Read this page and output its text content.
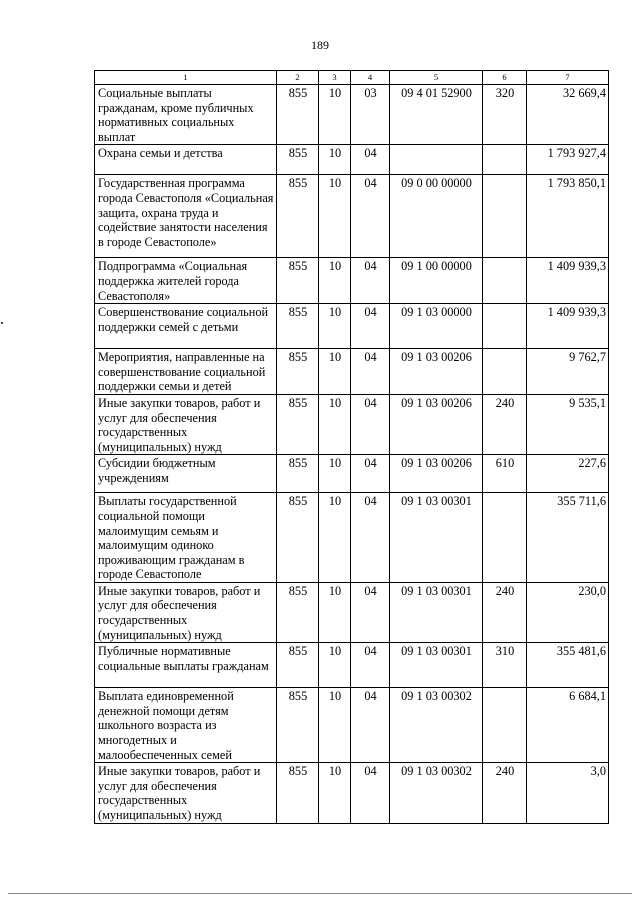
189
1	2	3	4	5	6	7
Социальные выплаты гражданам, кроме публичных нормативных социальных выплат	855	10	03	09 4 01 52900	320	32 669,4
Охрана семьи и детства	855	10	04			1 793 927,4
Государственная программа города Севастополя «Социальная защита, охрана труда и содействие занятости населения в городе Севастополе»	855	10	04	09 0 00 00000		1 793 850,1
Подпрограмма «Социальная поддержка жителей города Севастополя»	855	10	04	09 1 00 00000		1 409 939,3
Совершенствование социальной поддержки семей с детьми	855	10	04	09 1 03 00000		1 409 939,3
Мероприятия, направленные на совершенствование социальной поддержки семьи и детей	855	10	04	09 1 03 00206		9 762,7
Иные закупки товаров, работ и услуг для обеспечения государственных (муниципальных) нужд	855	10	04	09 1 03 00206	240	9 535,1
Субсидии бюджетным учреждениям	855	10	04	09 1 03 00206	610	227,6
Выплаты государственной социальной помощи малоимущим семьям и малоимущим одиноко проживающим гражданам в городе Севастополе	855	10	04	09 1 03 00301		355 711,6
Иные закупки товаров, работ и услуг для обеспечения государственных (муниципальных) нужд	855	10	04	09 1 03 00301	240	230,0
Публичные нормативные социальные выплаты гражданам	855	10	04	09 1 03 00301	310	355 481,6
Выплата единовременной денежной помощи детям школьного возраста из многодетных и малообеспеченных семей	855	10	04	09 1 03 00302		6 684,1
Иные закупки товаров, работ и услуг для обеспечения государственных (муниципальных) нужд	855	10	04	09 1 03 00302	240	3,0
